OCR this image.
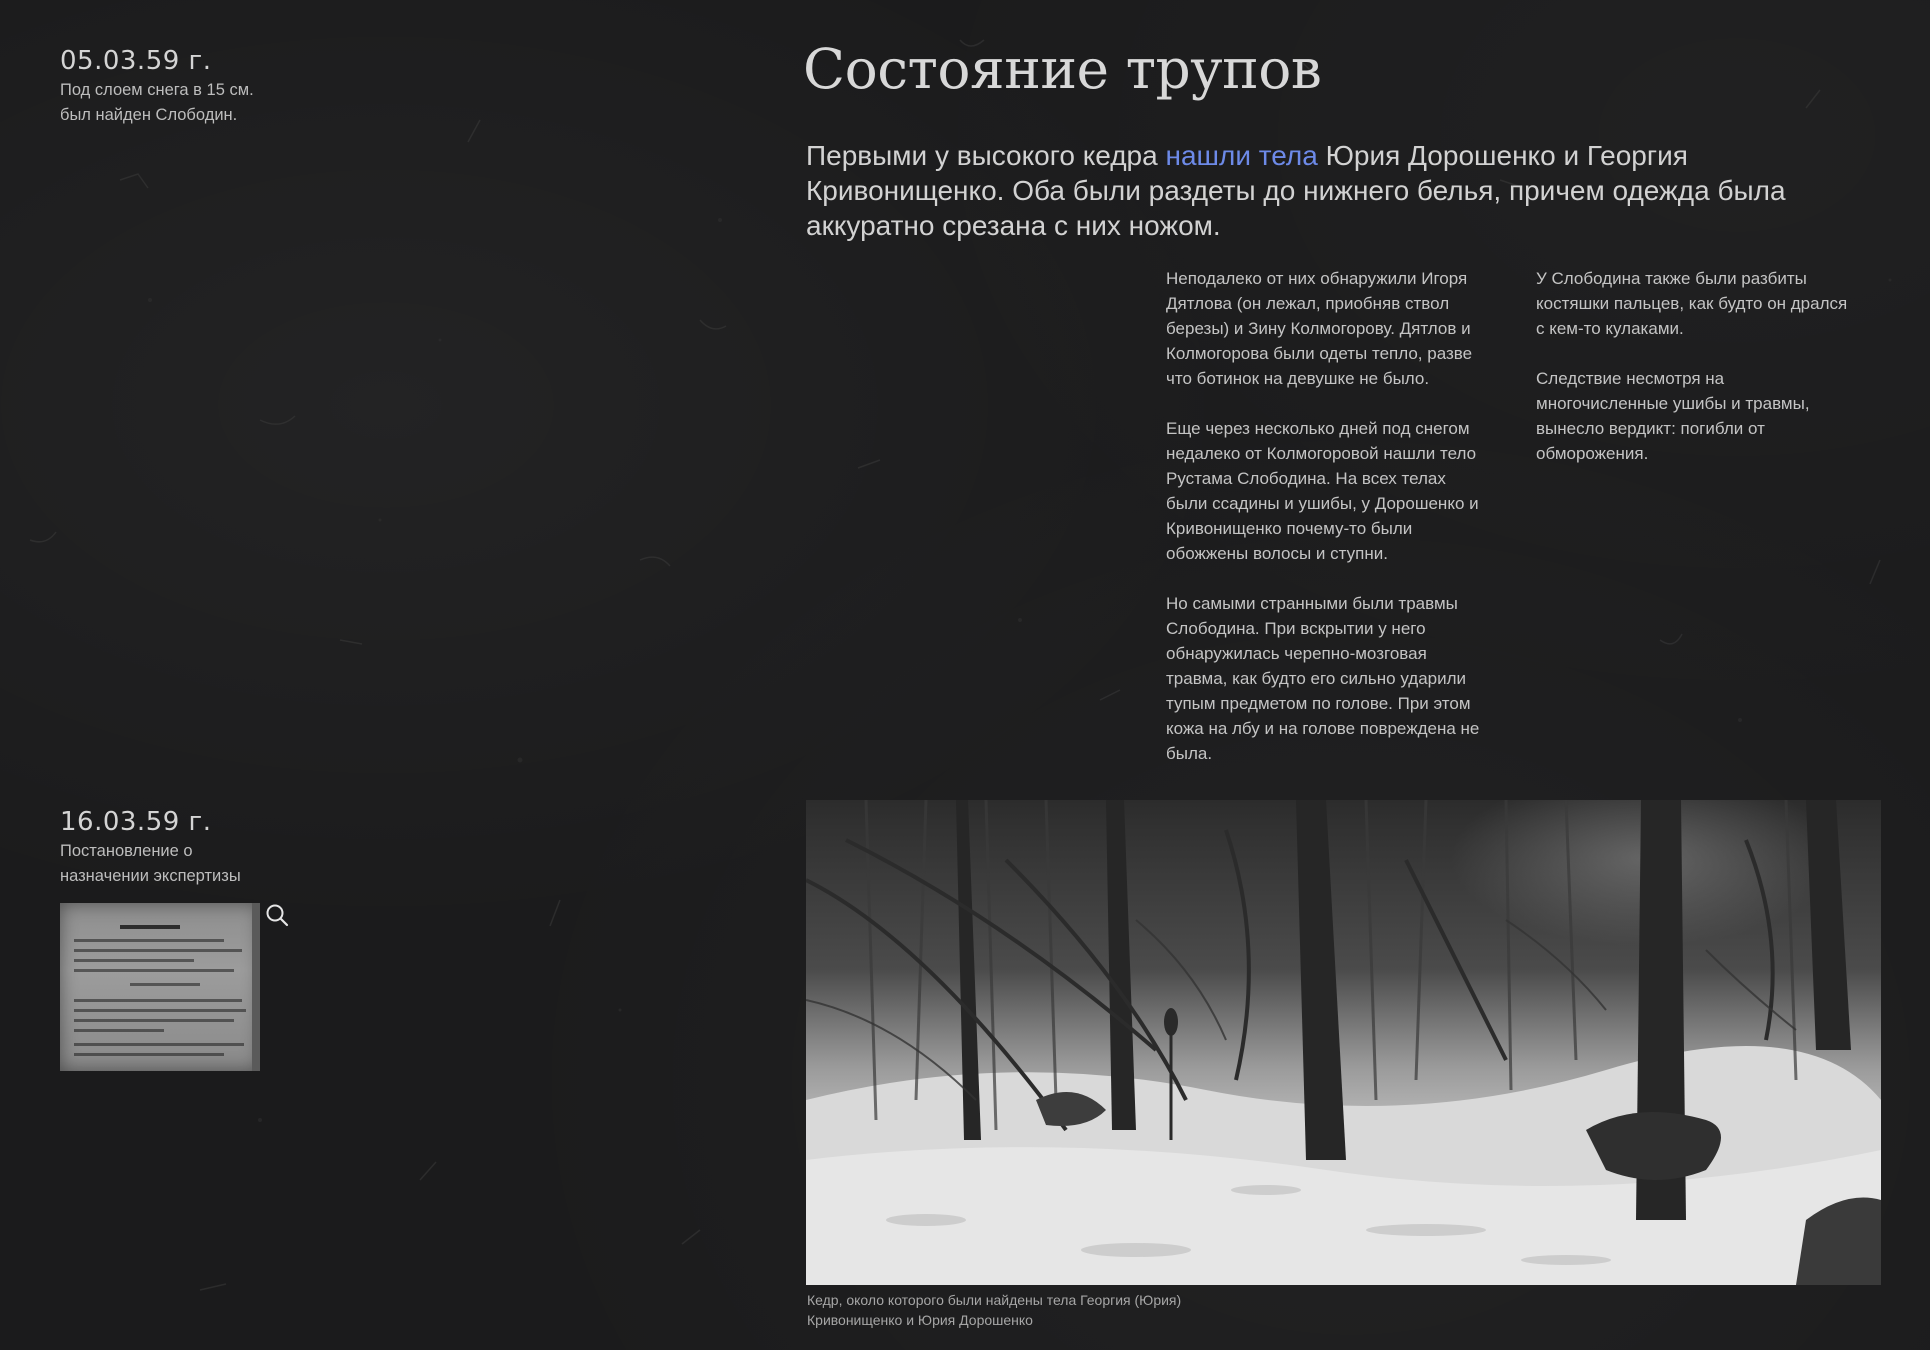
05.03.59 г.
Под слоем снега в 15 см.
был найден Слободин.
16.03.59 г.
Постановление о
назначении экспертизы
Состояние трупов
Первыми у высокого кедра нашли тела Юрия Дорошенко и Георгия Кривонищенко. Оба были раздеты до нижнего белья, причем одежда была аккуратно срезана с них ножом.

Неподалеко от них обнаружили Игоря Дятлова (он лежал, приобняв ствол березы) и Зину Колмогорову. Дятлов и Колмогорова были одеты тепло, разве что ботинок на девушке не было.

Еще через несколько дней под снегом недалеко от Колмогоровой нашли тело Рустама Слободина. На всех телах были ссадины и ушибы, у Дорошенко и Кривонищенко почему-то были обожжены волосы и ступни.

Но самыми странными были травмы Слободина. При вскрытии у него обнаружилась черепно-мозговая травма, как будто его сильно ударили тупым предметом по голове. При этом кожа на лбу и на голове повреждена не была.

У Слободина также были разбиты костяшки пальцев, как будто он дрался с кем-то кулаками.

Следствие несмотря на многочисленные ушибы и травмы, вынесло вердикт: погибли от обморожения.

Кедр, около которого были найдены тела Георгия (Юрия)
Кривонищенко и Юрия Дорошенко
